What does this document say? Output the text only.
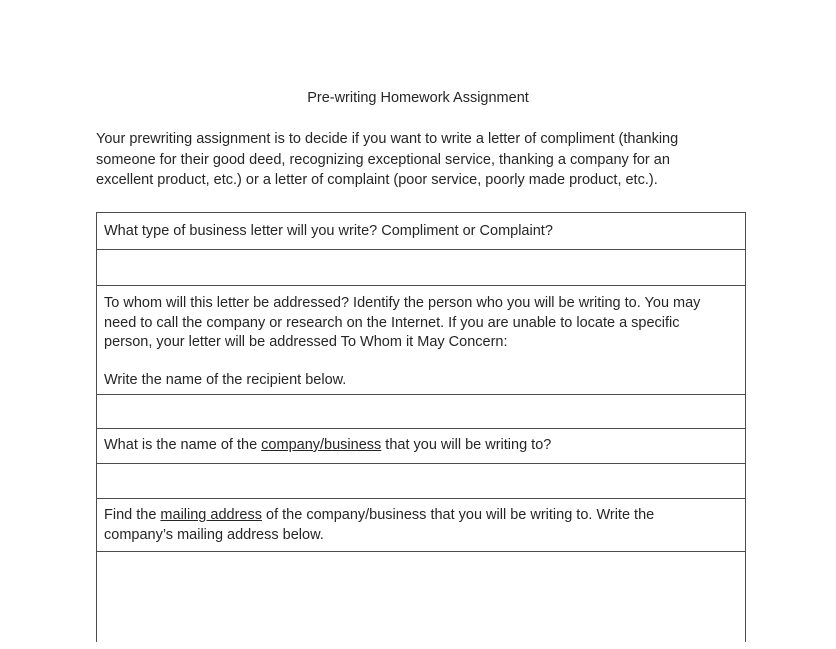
Pre-writing Homework Assignment
Your prewriting assignment is to decide if you want to write a letter of compliment (thanking
someone for their good deed, recognizing exceptional service, thanking a company for an
excellent product, etc.) or a letter of complaint (poor service, poorly made product, etc.).
What type of business letter will you write? Compliment or Complaint?
To whom will this letter be addressed? Identify the person who you will be writing to. You may
need to call the company or research on the Internet. If you are unable to locate a specific
person, your letter will be addressed To Whom it May Concern:
Write the name of the recipient below.
What is the name of the company/business that you will be writing to?
Find the mailing address of the company/business that you will be writing to. Write the
company’s mailing address below.
